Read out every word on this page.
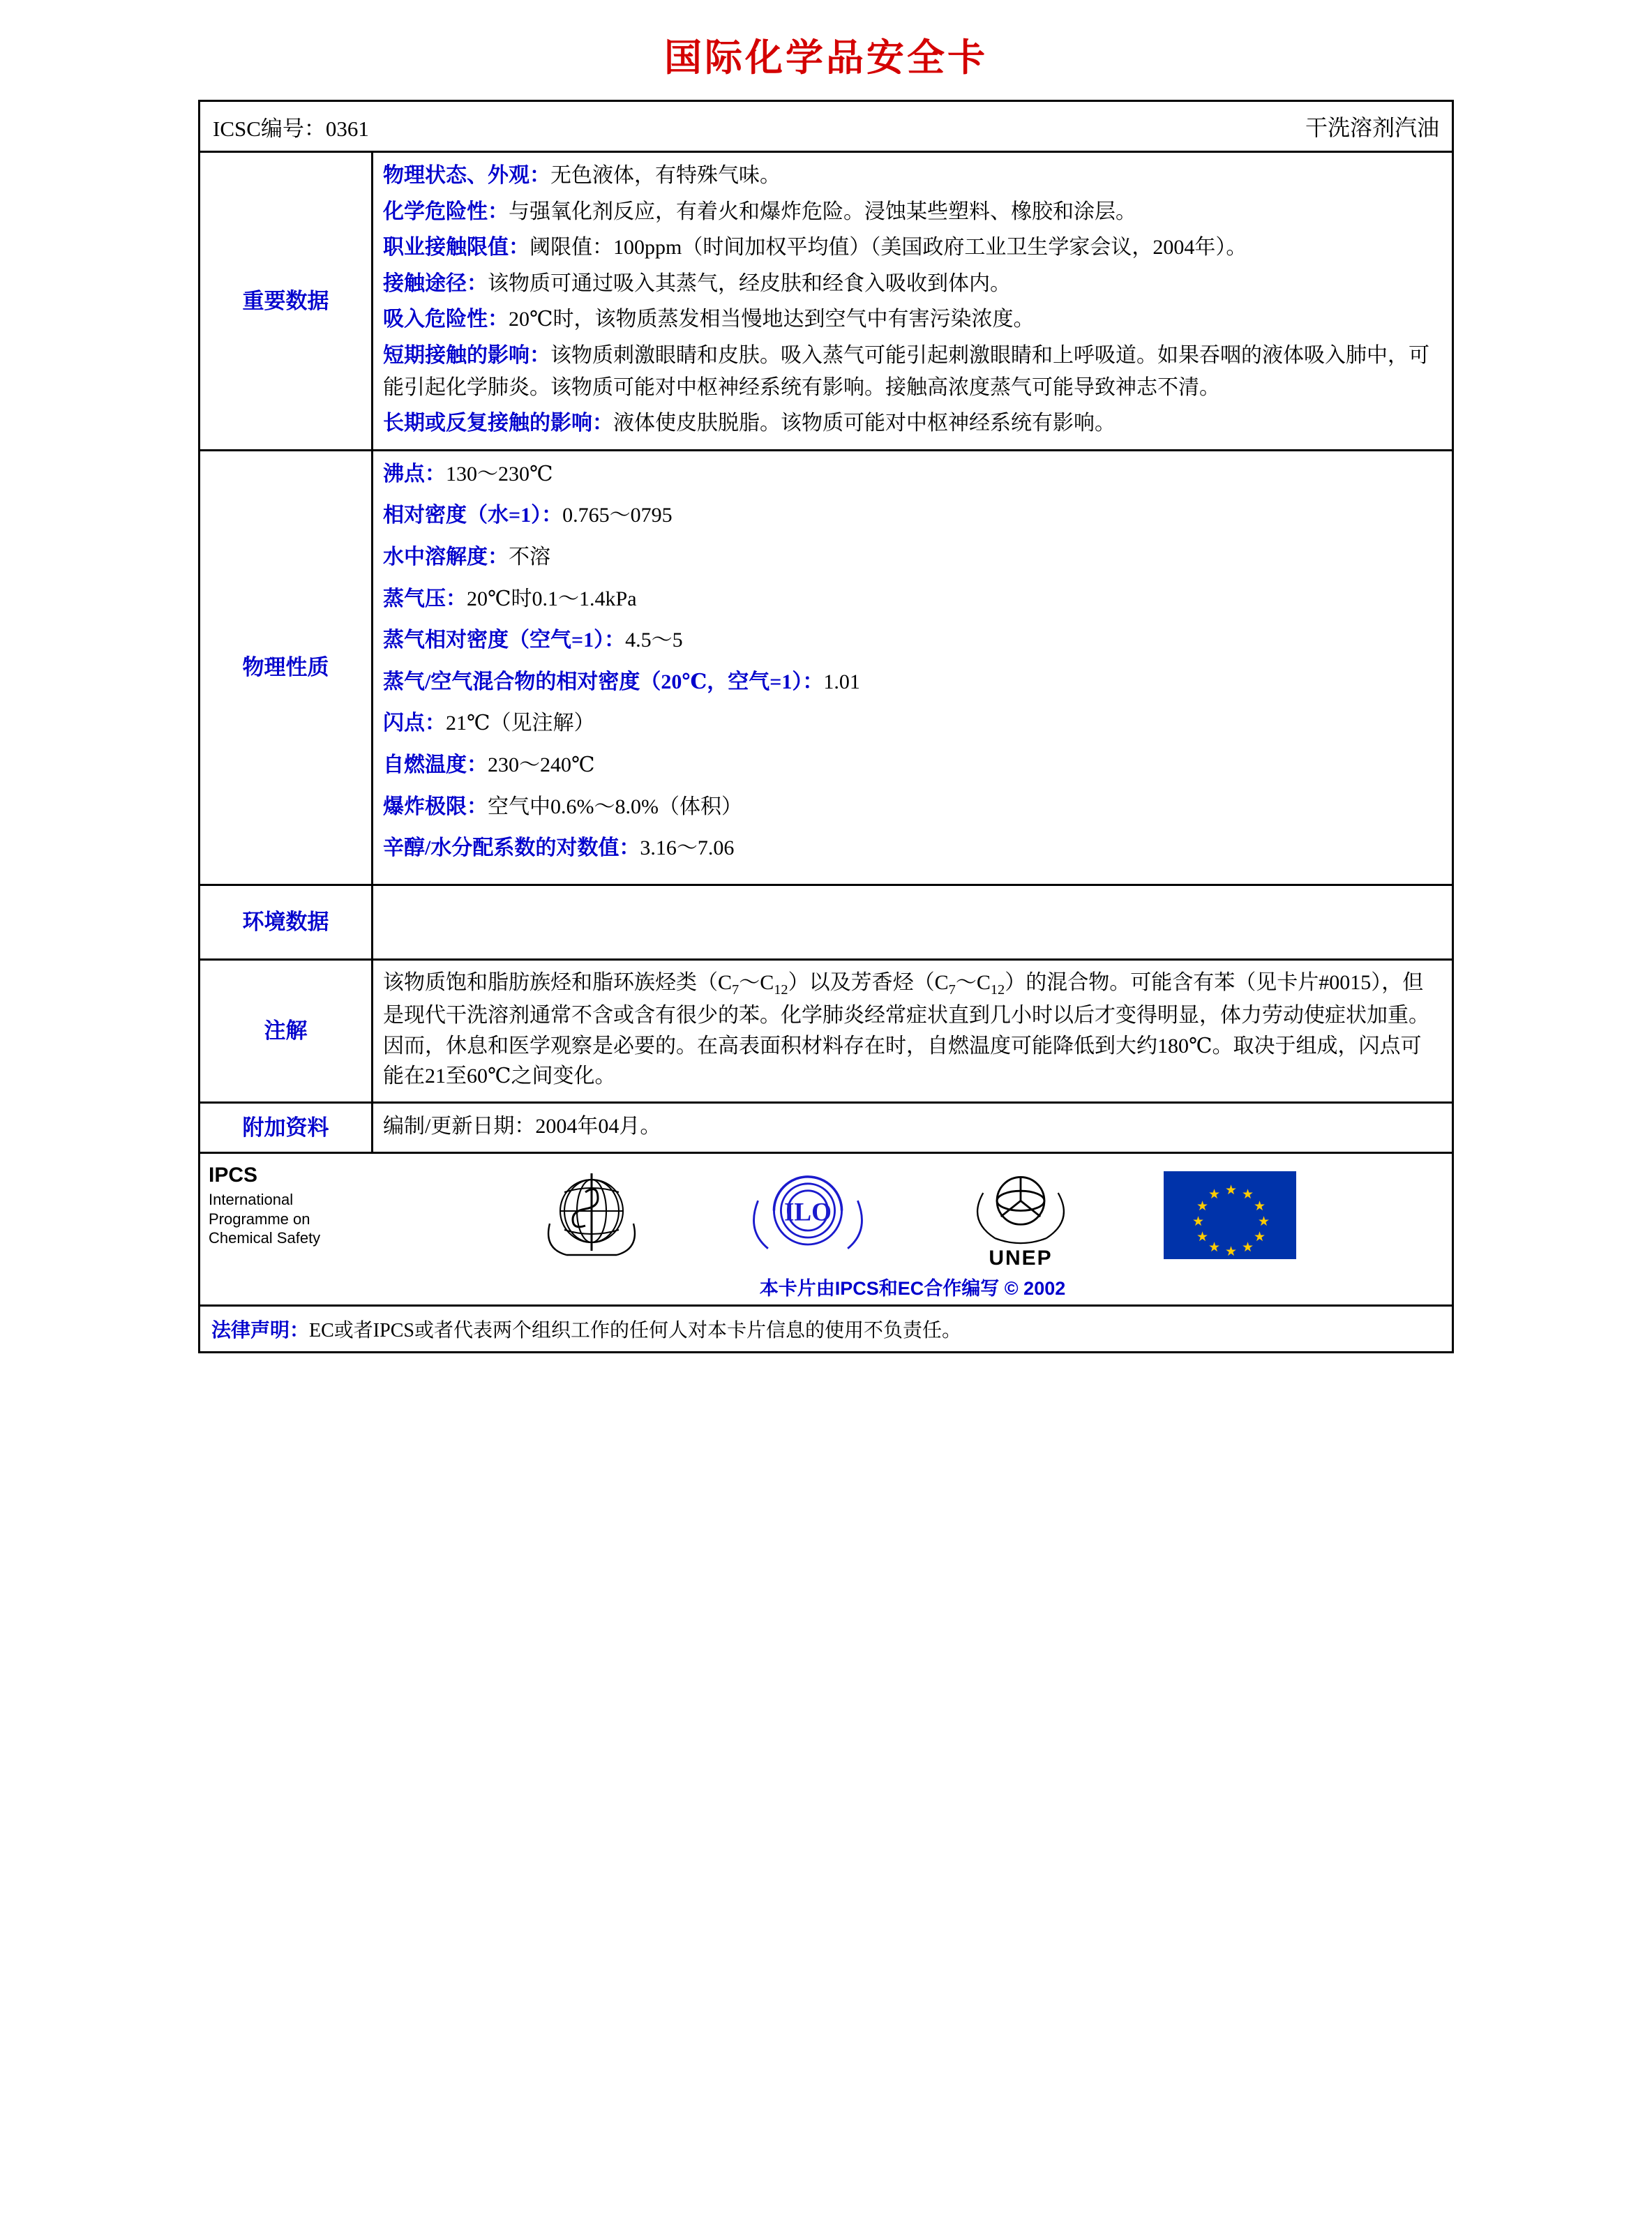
国际化学品安全卡
ICSC编号：0361	干洗溶剂汽油
重要数据

物理状态、外观：无色液体，有特殊气味。

化学危险性：与强氧化剂反应，有着火和爆炸危险。浸蚀某些塑料、橡胶和涂层。

职业接触限值：阈限值：100ppm（时间加权平均值）（美国政府工业卫生学家会议，2004年）。

接触途径：该物质可通过吸入其蒸气，经皮肤和经食入吸收到体内。

吸入危险性：20℃时，该物质蒸发相当慢地达到空气中有害污染浓度。

短期接触的影响：该物质刺激眼睛和皮肤。吸入蒸气可能引起刺激眼睛和上呼吸道。如果吞咽的液体吸入肺中，可能引起化学肺炎。该物质可能对中枢神经系统有影响。接触高浓度蒸气可能导致神志不清。

长期或反复接触的影响：液体使皮肤脱脂。该物质可能对中枢神经系统有影响。

物理性质

沸点：130～230℃

相对密度（水=1）：0.765～0795

水中溶解度：不溶

蒸气压：20℃时0.1～1.4kPa

蒸气相对密度（空气=1）：4.5～5

蒸气/空气混合物的相对密度（20℃，空气=1）：1.01

闪点：21℃（见注解）

自燃温度：230～240℃

爆炸极限：空气中0.6%～8.0%（体积）

辛醇/水分配系数的对数值：3.16～7.06

环境数据
注解
该物质饱和脂肪族烃和脂环族烃类$(C_7\sim C_{12})$以及芳香烃$(C_7\sim C_{12})$的混合物。可能含有苯（见卡片#0015），但是现代干洗溶剂通常不含或含有很少的苯。化学肺炎经常症状直到几小时以后才变得明显，体力劳动使症状加重。因而，休息和医学观察是必要的。在高表面积材料存在时，自燃温度可能降低到大约180℃。取决于组成，闪点可能在21至60℃之间变化。
附加资料	编制/更新日期：2004年04月。
IPCS
International Programme on Chemical Safety
ILO
UNEP
★ ★
★
★
★
★
★
★
★
★
★
★
本卡片由IPCS和EC合作编写 © 2002
法律声明：EC或者IPCS或者代表两个组织工作的任何人对本卡片信息的使用不负责任。
